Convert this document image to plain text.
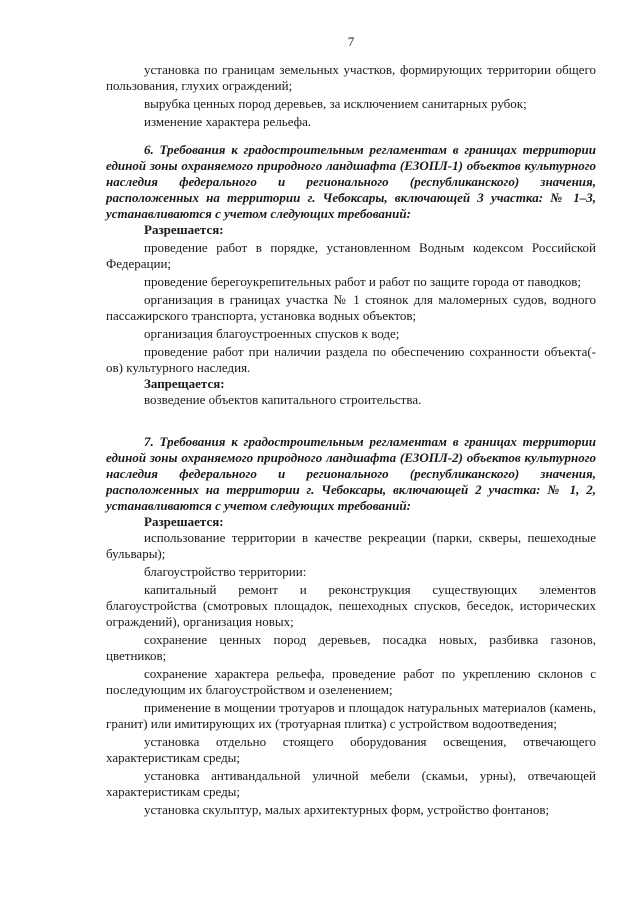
7

установка по границам земельных участков, формирующих территории общего пользования, глухих ограждений;

вырубка ценных пород деревьев, за исключением санитарных рубок;

изменение характера рельефа.

6. Требования к градостроительным регламентам в границах территории единой зоны охраняемого природного ландшафта (ЕЗОПЛ-1) объектов культурного наследия федерального и регионального (республиканского) значения, расположенных на территории г. Чебоксары, включающей 3 участка: № 1–3, устанавливаются с учетом следующих требований:

Разрешается:

проведение работ в порядке, установленном Водным кодексом Российской Федерации;

проведение берегоукрепительных работ и работ по защите города от паводков;

организация в границах участка № 1 стоянок для маломерных судов, водного пассажирского транспорта, установка водных объектов;

организация благоустроенных спусков к воде;

проведение работ при наличии раздела по обеспечению сохранности объекта(-ов) культурного наследия.

Запрещается:

возведение объектов капитального строительства.

7. Требования к градостроительным регламентам в границах территории единой зоны охраняемого природного ландшафта (ЕЗОПЛ-2) объектов культурного наследия федерального и регионального (республиканского) значения, расположенных на территории г. Чебоксары, включающей 2 участка: № 1, 2, устанавливаются с учетом следующих требований:

Разрешается:

использование территории в качестве рекреации (парки, скверы, пешеходные бульвары);

благоустройство территории:

капитальный ремонт и реконструкция существующих элементов благоустройства (смотровых площадок, пешеходных спусков, беседок, исторических ограждений), организация новых;

сохранение ценных пород деревьев, посадка новых, разбивка газонов, цветников;

сохранение характера рельефа, проведение работ по укреплению склонов с последующим их благоустройством и озеленением;

применение в мощении тротуаров и площадок натуральных материалов (камень, гранит) или имитирующих их (тротуарная плитка) с устройством водоотведения;

установка отдельно стоящего оборудования освещения, отвечающего характеристикам среды;

установка антивандальной уличной мебели (скамьи, урны), отвечающей характеристикам среды;

установка скульптур, малых архитектурных форм, устройство фонтанов;
